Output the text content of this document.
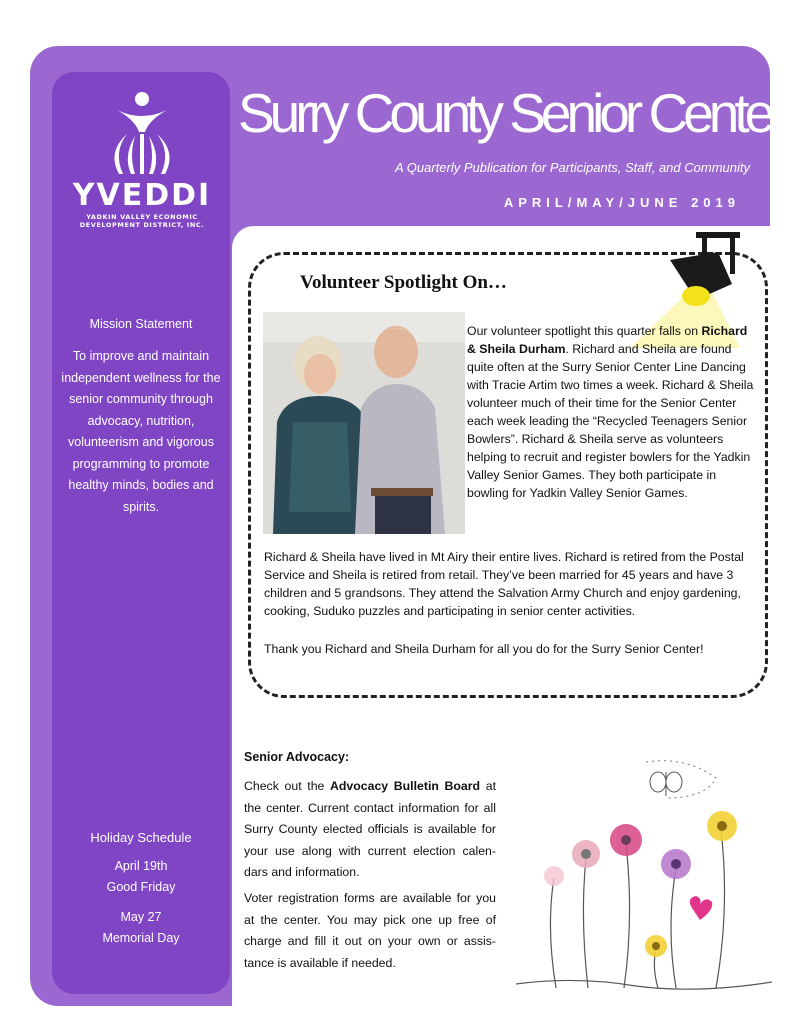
YVEDDI
YADKIN VALLEY ECONOMIC
DEVELOPMENT DISTRICT, INC.
Mission Statement
To improve and maintain independent wellness for the senior community through advocacy, nutrition, volunteerism and vigorous programming to promote healthy minds, bodies and spirits.
Holiday Schedule
April 19th
Good Friday
May 27
Memorial Day
Surry County Senior Center
A Quarterly Publication for Participants, Staff, and Community
APRIL/MAY/JUNE 2019
Volunteer Spotlight On…
Our volunteer spotlight this quarter falls on Richard & Sheila Durham. Richard and Sheila are found quite often at the Surry Senior Center Line Dancing with Tracie Artim two times a week. Richard & Sheila volunteer much of their time for the Senior Center each week leading the “Recycled Teenagers Senior Bowlers”. Richard & Sheila serve as volunteers helping to recruit and register bowlers for the Yadkin Valley Senior Games. They both participate in bowling for Yadkin Valley Senior Games.
Richard & Sheila have lived in Mt Airy their entire lives. Richard is retired from the Postal Service and Sheila is retired from retail. They’ve been married for 45 years and have 3 children and 5 grandsons. They attend the Salvation Army Church and enjoy gardening, cooking, Suduko puzzles and participating in senior center activities.
Thank you Richard and Sheila Durham for all you do for the Surry Senior Center!
Senior Advocacy:
Check out the Advocacy Bulletin Board at the center. Current contact information for all Surry County elected officials is available for your use along with current election calen-dars and information.
Voter registration forms are available for you at the center. You may pick one up free of charge and fill it out on your own or assis-tance is available if needed.
